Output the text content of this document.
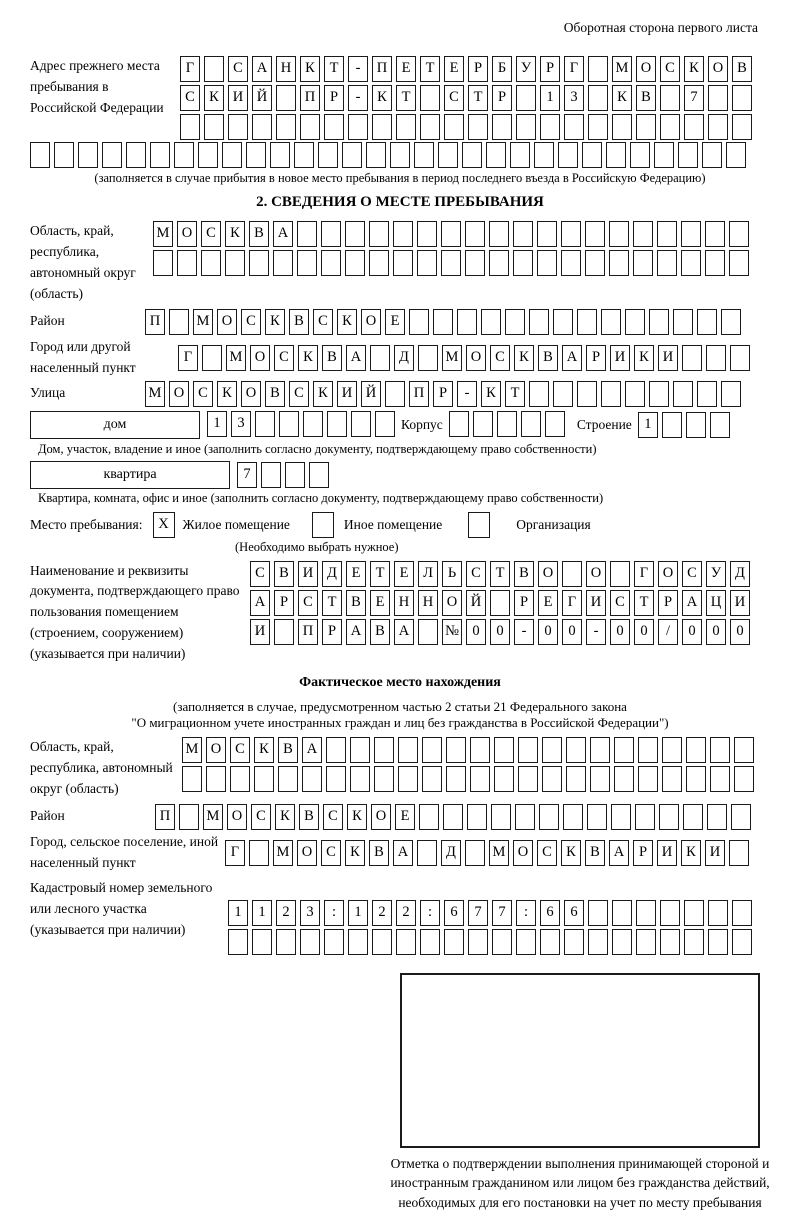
Оборотная сторона первого листа
Адрес прежнего места пребывания в Российской Федерации
Г	С А Н К	Т	-	П Е	Т	Е	Р	Б	У	Р	Г	М О С К О В
С К И Й	П	Р	-	К	Т	С	Т	Р	1	3	К В	7
(заполняется в случае прибытия в новое место пребывания в период последнего въезда в Российскую Федерацию)
2. СВЕДЕНИЯ О МЕСТЕ ПРЕБЫВАНИЯ
Область, край, республика, автономный округ (область)
М О С К В А
Район	П	М О С К В С К О Е
Город или другой населенный пункт
Г	М О С К В А	Д	М О С К В А	Р	И К И
Улица	М О С К О В С К И Й	П	Р	-	К	Т
дом	1	3	Корпус	Строение 1
Дом, участок, владение и иное (заполнить согласно документу, подтверждающему право собственности)
квартира	7
Квартира, комната, офис и иное (заполнить согласно документу, подтверждающему право собственности)
Место пребывания:	X	Жилое помещение	Иное помещение	Организация
(Необходимо выбрать нужное)
Наименование и реквизиты документа, подтверждающего право пользования помещением (строением, сооружением) (указывается при наличии)
С В И Д	Е	Т	Е	Л	Ь	С	Т	В О	О	Г	О С У Д
А	Р	С	Т	В	Е Н Н О Й	Р	Е	Г	И С	Т	Р	А Ц И
И	П	Р	А В А	№ 0	0	-	0	0	-	0	0	/	0	0	0
Фактическое место нахождения
(заполняется в случае, предусмотренном частью 2 статьи 21 Федерального закона
"О миграционном учете иностранных граждан и лиц без гражданства в Российской Федерации")
Область, край, республика, автономный округ (область)
М О С К В А
Район	П	М О С К В С К О Е
Город, сельское поселение, иной населенный пункт
Г	М О С К В А	Д	М О С К В А	Р	И К И
Кадастровый номер земельного или лесного участка (указывается при наличии)
1	1	2	3	:	1	2	2	:	6	7	7	:	6	6
Отметка о подтверждении выполнения принимающей стороной и иностранным гражданином или лицом без гражданства действий, необходимых для его постановки на учет по месту пребывания
